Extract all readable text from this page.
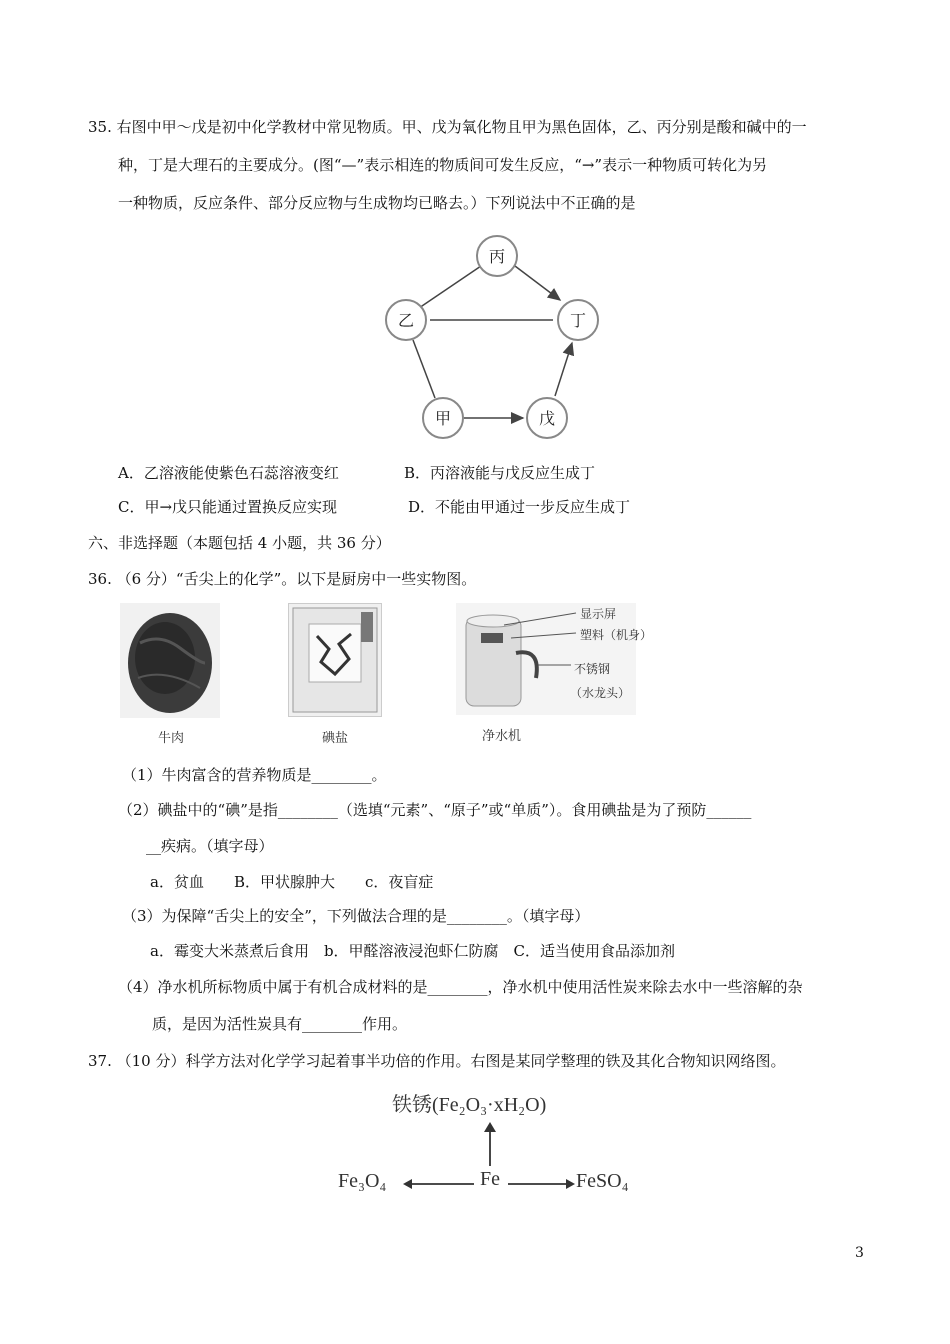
35. 右图中甲～戊是初中化学教材中常见物质。甲、戊为氧化物且甲为黑色固体，乙、丙分别是酸和碱中的一
种，丁是大理石的主要成分。(图“—”表示相连的物质间可发生反应，“→”表示一种物质可转化为另
一种物质，反应条件、部分反应物与生成物均已略去。）下列说法中不正确的是
丙
乙	丁
甲	戊
A．乙溶液能使紫色石蕊溶液变红	B．丙溶液能与戊反应生成丁
C．甲→戊只能通过置换反应实现	D．不能由甲通过一步反应生成丁
六、非选择题（本题包括 4 小题，共 36 分）
36. （6 分）“舌尖上的化学”。以下是厨房中一些实物图。
牛肉	碘盐
显示屏
塑料（机身）
不锈钢
（水龙头）
净水机
（1）牛肉富含的营养物质是________。
（2）碘盐中的“碘”是指________（选填“元素”、“原子”或“单质”）。食用碘盐是为了预防______
__疾病。（填字母）
a．贫血　　B．甲状腺肿大　　c．夜盲症
（3）为保障“舌尖上的安全”，下列做法合理的是________。（填字母）
a．霉变大米蒸煮后食用　b．甲醛溶液浸泡虾仁防腐　C．适当使用食品添加剂
（4）净水机所标物质中属于有机合成材料的是________，净水机中使用活性炭来除去水中一些溶解的杂
质，是因为活性炭具有________作用。
37. （10 分）科学方法对化学学习起着事半功倍的作用。右图是某同学整理的铁及其化合物知识网络图。
铁锈(Fe₂O₃·xH₂O)
Fe
Fe₃O₄	FeSO₄
3
